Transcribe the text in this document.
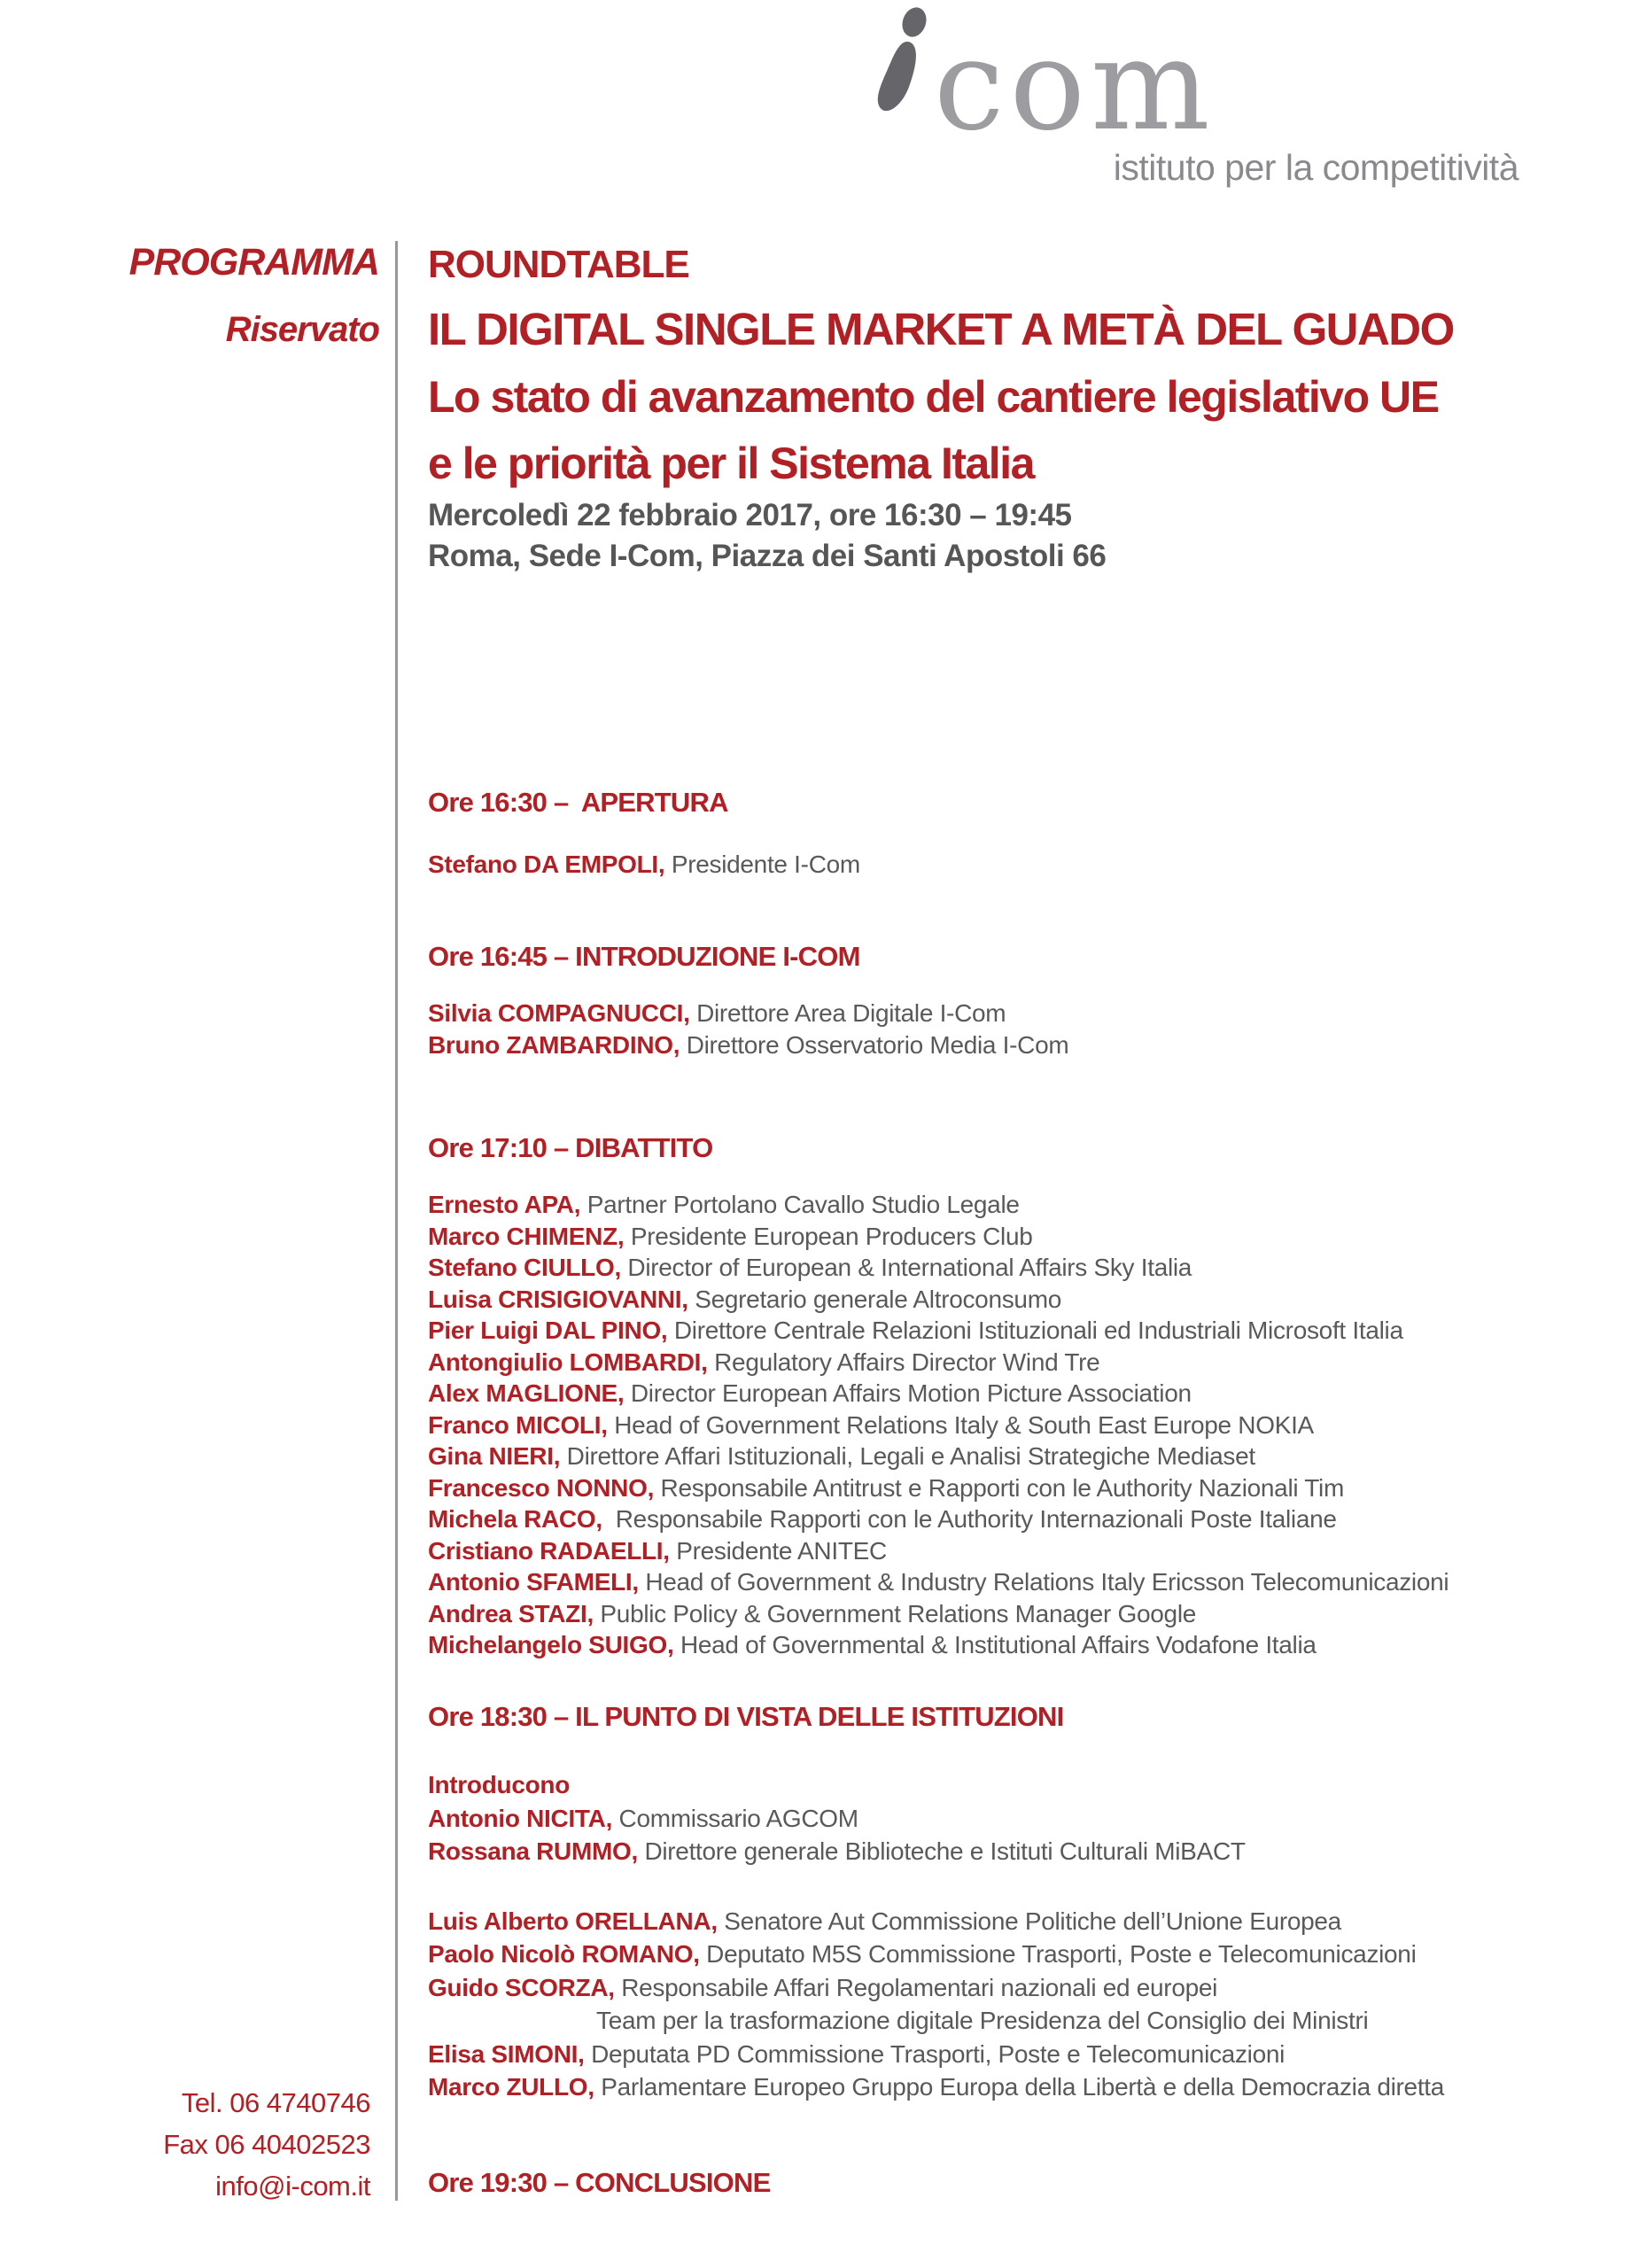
com
istituto per la competitività
PROGRAMMA
Riservato
Tel. 06 4740746
Fax 06 40402523
info@i-com.it
ROUNDTABLE
IL DIGITAL SINGLE MARKET A METÀ DEL GUADO
Lo stato di avanzamento del cantiere legislativo UE
e le priorità per il Sistema Italia
Mercoledì 22 febbraio 2017, ore 16:30 – 19:45
Roma, Sede I-Com, Piazza dei Santi Apostoli 66
Ore 16:30 –  APERTURA
Stefano DA EMPOLI, Presidente I-Com
Ore 16:45 – INTRODUZIONE I-COM
Silvia COMPAGNUCCI, Direttore Area Digitale I-Com
Bruno ZAMBARDINO, Direttore Osservatorio Media I-Com
Ore 17:10 – DIBATTITO
Ernesto APA, Partner Portolano Cavallo Studio Legale
Marco CHIMENZ, Presidente European Producers Club
Stefano CIULLO, Director of European & International Affairs Sky Italia
Luisa CRISIGIOVANNI, Segretario generale Altroconsumo
Pier Luigi DAL PINO, Direttore Centrale Relazioni Istituzionali ed Industriali Microsoft Italia
Antongiulio LOMBARDI, Regulatory Affairs Director Wind Tre
Alex MAGLIONE, Director European Affairs Motion Picture Association
Franco MICOLI, Head of Government Relations Italy & South East Europe NOKIA
Gina NIERI, Direttore Affari Istituzionali, Legali e Analisi Strategiche Mediaset
Francesco NONNO, Responsabile Antitrust e Rapporti con le Authority Nazionali Tim
Michela RACO,  Responsabile Rapporti con le Authority Internazionali Poste Italiane
Cristiano RADAELLI, Presidente ANITEC
Antonio SFAMELI, Head of Government & Industry Relations Italy Ericsson Telecomunicazioni
Andrea STAZI, Public Policy & Government Relations Manager Google
Michelangelo SUIGO, Head of Governmental & Institutional Affairs Vodafone Italia
Ore 18:30 – IL PUNTO DI VISTA DELLE ISTITUZIONI
Introducono
Antonio NICITA, Commissario AGCOM
Rossana RUMMO, Direttore generale Biblioteche e Istituti Culturali MiBACT
Luis Alberto ORELLANA, Senatore Aut Commissione Politiche dell’Unione Europea
Paolo Nicolò ROMANO, Deputato M5S Commissione Trasporti, Poste e Telecomunicazioni
Guido SCORZA, Responsabile Affari Regolamentari nazionali ed europei
Team per la trasformazione digitale Presidenza del Consiglio dei Ministri
Elisa SIMONI, Deputata PD Commissione Trasporti, Poste e Telecomunicazioni
Marco ZULLO, Parlamentare Europeo Gruppo Europa della Libertà e della Democrazia diretta
Ore 19:30 – CONCLUSIONE
